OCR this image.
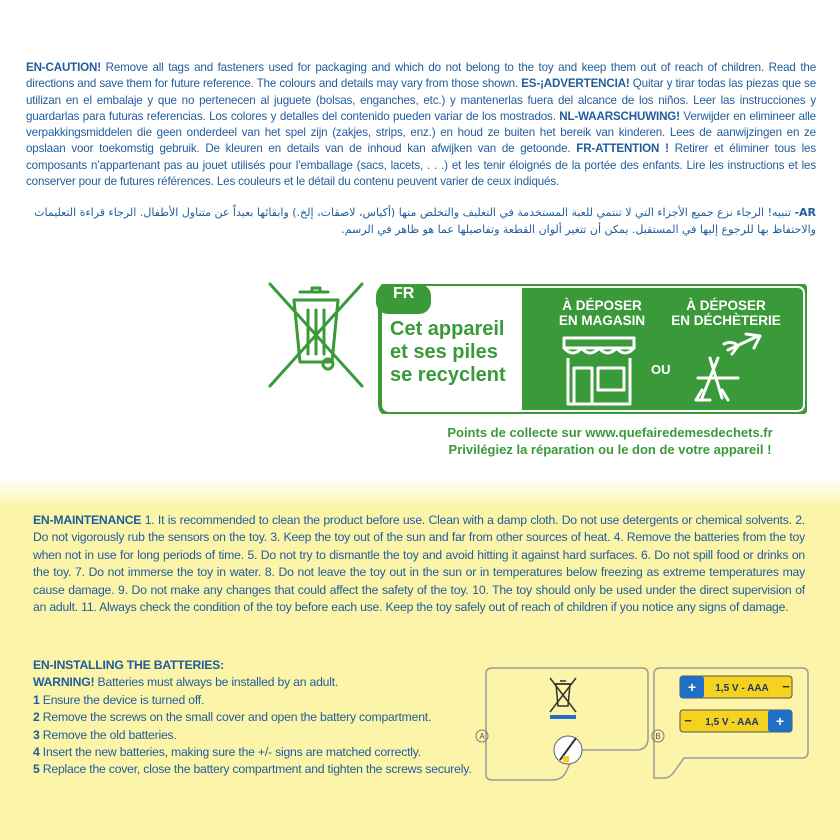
EN-CAUTION! Remove all tags and fasteners used for packaging and which do not belong to the toy and keep them out of reach of children. Read the directions and save them for future reference. The colours and details may vary from those shown. ES-¡ADVERTENCIA! Quitar y tirar todas las piezas que se utilizan en el embalaje y que no pertenecen al juguete (bolsas, enganches, etc.) y mantenerlas fuera del alcance de los niños. Leer las instrucciones y guardarlas para futuras referencias. Los colores y detalles del contenido pueden variar de los mostrados. NL-WAARSCHUWING! Verwijder en elimineer alle verpakkingsmiddelen die geen onderdeel van het spel zijn (zakjes, strips, enz.) en houd ze buiten het bereik van kinderen. Lees de aanwijzingen en ze opslaan voor toekomstig gebruik. De kleuren en details van de inhoud kan afwijken van de getoonde. FR-ATTENTION ! Retirer et éliminer tous les composants n’appartenant pas au jouet utilisés pour l’emballage (sacs, lacets, . . .) et les tenir éloignés de la portée des enfants. Lire les instructions et les conserver pour de futures références. Les couleurs et le détail du contenu peuvent varier de ceux indiqués.
AR- تنبيه! الرجاء نزع جميع الأجزاء التي لا تنتمي للعبة المستخدمة في التغليف والتخلص منها (أكياس، لاصقات، إلخ.) وابقائها بعيداً عن متناول الأطفال. الرجاء قراءة التعليمات والاحتفاظ بها للرجوع إليها في المستقبل. يمكن أن تتغير ألوان القطعة وتفاصيلها عما هو ظاهر في الرسم.
FR
Cet appareil
et ses piles
se recyclent
À DÉPOSER
EN MAGASIN
À DÉPOSER
EN DÉCHÈTERIE
OU
Points de collecte sur www.quefairedemesdechets.fr
Privilégiez la réparation ou le don de votre appareil !
EN-MAINTENANCE 1. It is recommended to clean the product before use. Clean with a damp cloth. Do not use detergents or chemical solvents. 2. Do not vigorously rub the sensors on the toy. 3. Keep the toy out of the sun and far from other sources of heat. 4. Remove the batteries from the toy when not in use for long periods of time. 5. Do not try to dismantle the toy and avoid hitting it against hard surfaces. 6. Do not spill food or drinks on the toy. 7. Do not immerse the toy in water. 8. Do not leave the toy out in the sun or in temperatures below freezing as extreme temperatures may cause damage. 9. Do not make any changes that could affect the safety of the toy. 10. The toy should only be used under the direct supervision of an adult. 11. Always check the condition of the toy before each use. Keep the toy safely out of reach of children if you notice any signs of damage.
EN-INSTALLING THE BATTERIES:
WARNING! Batteries must always be installed by an adult.
1 Ensure the device is turned off.
2 Remove the screws on the small cover and open the battery compartment.
3 Remove the old batteries.
4 Insert the new batteries, making sure the +/- signs are matched correctly.
5 Replace the cover, close the battery compartment and tighten the screws securely.
A	B
+ 1,5 V - AAA −
− 1,5 V - AAA +
